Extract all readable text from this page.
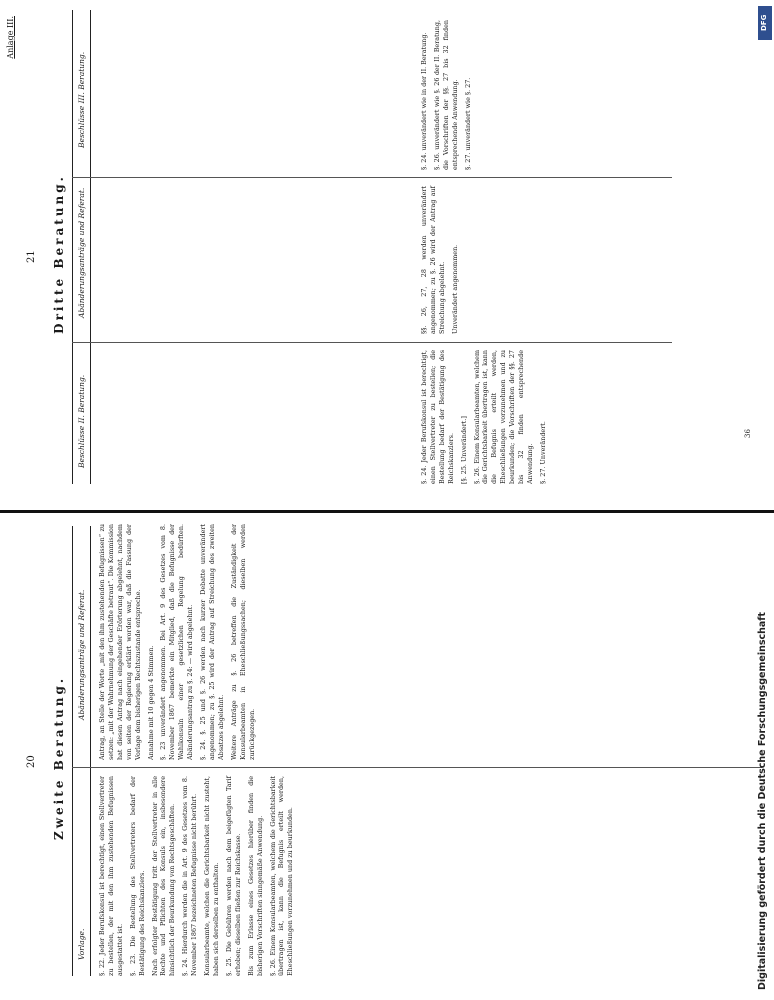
20 Zweite Beratung.
Vorlage.
Abänderungsanträge und Referat.

§. 22. Jeder Berufskonsul ist berechtigt, einen Stellvertreter zu bestellen, der mit den ihm zustehenden Befugnissen ausgestattet ist. §. 23. Die Bestellung des Stellvertreters bedarf der Bestätigung des Reichskanzlers. Nach erfolgter Bestätigung tritt der Stellvertreter in alle Rechte und Pflichten des Konsuls ein, insbesondere hinsichtlich der Beurkundung von Rechtsgeschäften. §. 24. Hierdurch werden die in Art. 9 des Gesetzes vom 8. November 1867 bezeichneten Befugnisse nicht berührt. Konsularbeamte, welchen die Gerichtsbarkeit nicht zusteht, haben sich derselben zu enthalten. §. 25. Die Gebühren werden nach dem beigefügten Tarif erhoben; dieselben fließen zur Reichskasse. Bis zum Erlasse eines Gesetzes hierüber finden die bisherigen Vorschriften sinngemäße Anwendung. §. 26. Einem Konsularbeamten, welchem die Gerichtsbarkeit übertragen ist, kann die Befugnis erteilt werden, Eheschließungen vorzunehmen und zu beurkunden.

Antrag, an Stelle der Worte „mit den ihm zustehenden Befugnissen“ zu setzen: „mit der Wahrnehmung der Geschäfte betraut“. Die Kommission hat diesen Antrag nach eingehender Erörterung abgelehnt, nachdem von seiten der Regierung erklärt worden war, daß die Fassung der Vorlage dem bisherigen Rechtszustande entspreche. Annahme mit 10 gegen 4 Stimmen. §. 23 unverändert angenommen. Bei Art. 9 des Gesetzes vom 8. November 1867 bemerkte ein Mitglied, daß die Befugnisse der Wahlkonsuln einer gesetzlichen Regelung bedürften. Abänderungsantrag zu §. 24: — wird abgelehnt. §. 24. §. 25 und §. 26 werden nach kurzer Debatte unverändert angenommen; zu §. 25 wird der Antrag auf Streichung des zweiten Absatzes abgelehnt. Weitere Anträge zu §. 26 betreffen die Zuständigkeit der Konsularbeamten in Eheschließungssachen; dieselben werden zurückgezogen.

Anlage III.
21 Dritte Beratung.
Beschlüsse II. Beratung.
Abänderungsanträge und Referat.
Beschlüsse III. Beratung.

§. 24. Jeder Berufskonsul ist berechtigt, einen Stellvertreter zu bestellen; die Bestellung bedarf der Bestätigung des Reichskanzlers. [§. 25. Unverändert.] §. 26. Einem Konsularbeamten, welchem die Gerichtsbarkeit übertragen ist, kann die Befugnis erteilt werden, Eheschließungen vorzunehmen und zu beurkunden; die Vorschriften der §§. 27 bis 32 finden entsprechende Anwendung. §. 27. Unverändert.

§§. 26, 27, 28 werden unverändert angenommen; zu §. 26 wird der Antrag auf Streichung abgelehnt. Unverändert angenommen.

§. 24. unverändert wie in der II. Beratung. §. 26. unverändert wie §. 26 der II. Beratung, die Vorschriften der §§. 27 bis 32 finden entsprechende Anwendung. §. 27. unverändert wie §. 27.

36
Digitalisierung gefördert durch die Deutsche Forschungsgemeinschaft
DFG
